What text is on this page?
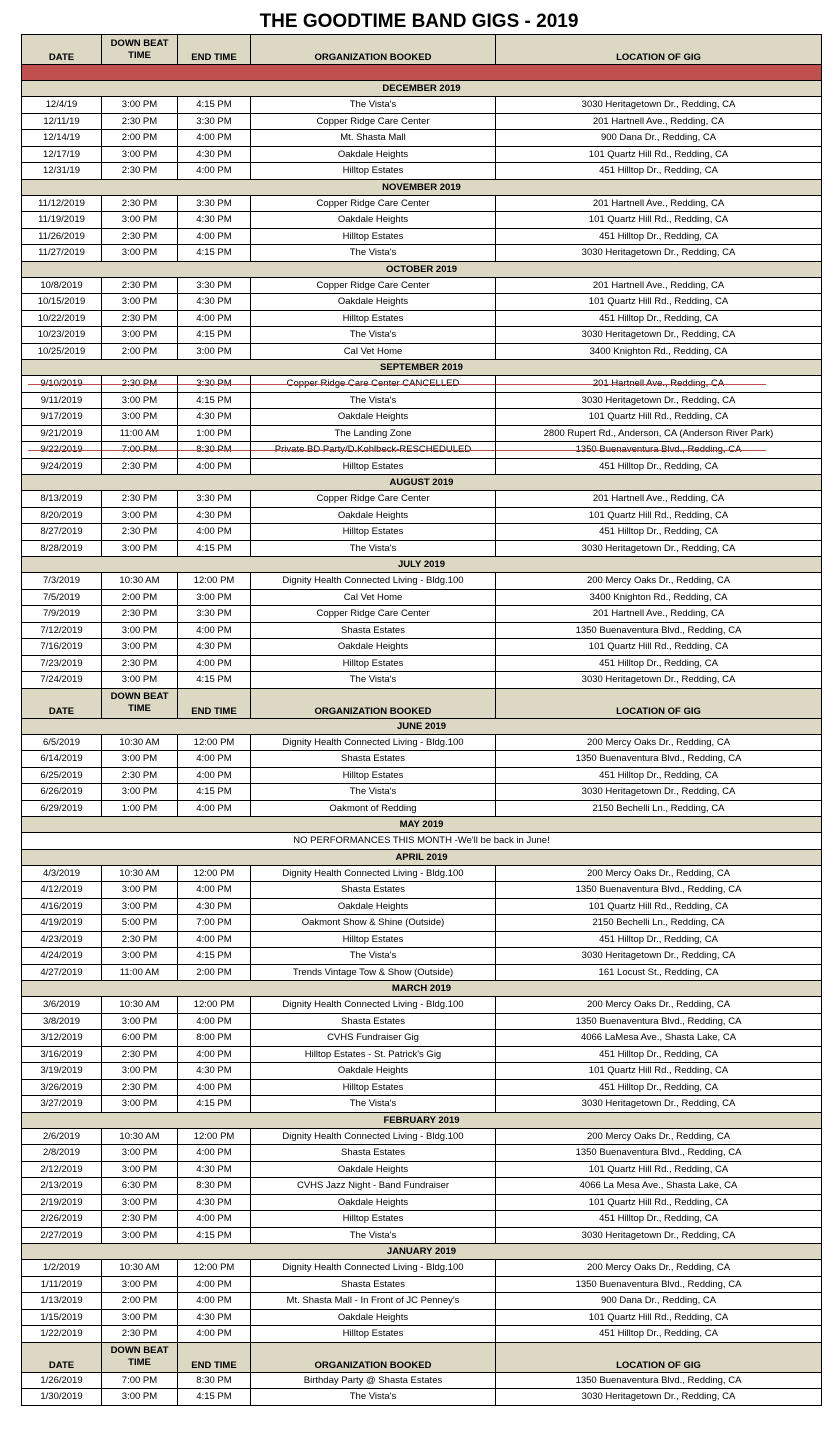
THE GOODTIME BAND GIGS - 2019
DATE	DOWN BEAT TIME	END TIME	ORGANIZATION BOOKED	LOCATION OF GIG

DECEMBER 2019				
12/4/19	3:00 PM	4:15 PM	The Vista's	3030 Heritagetown Dr., Redding, CA
12/11/19	2:30 PM	3:30 PM	Copper Ridge Care Center	201 Hartnell Ave., Redding, CA
12/14/19	2:00 PM	4:00 PM	Mt. Shasta Mall	900 Dana Dr., Redding, CA
12/17/19	3:00 PM	4:30 PM	Oakdale Heights	101 Quartz Hill Rd., Redding, CA
12/31/19	2:30 PM	4:00 PM	Hilltop Estates	451 Hilltop Dr., Redding, CA
NOVEMBER 2019				
11/12/2019	2:30 PM	3:30 PM	Copper Ridge Care Center	201 Hartnell Ave., Redding, CA
11/19/2019	3:00 PM	4:30 PM	Oakdale Heights	101 Quartz Hill Rd., Redding, CA
11/26/2019	2:30 PM	4:00 PM	Hilltop Estates	451 Hilltop Dr., Redding, CA
11/27/2019	3:00 PM	4:15 PM	The Vista's	3030 Heritagetown Dr., Redding, CA
OCTOBER 2019				
10/8/2019	2:30 PM	3:30 PM	Copper Ridge Care Center	201 Hartnell Ave., Redding, CA
10/15/2019	3:00 PM	4:30 PM	Oakdale Heights	101 Quartz Hill Rd., Redding, CA
10/22/2019	2:30 PM	4:00 PM	Hilltop Estates	451 Hilltop Dr., Redding, CA
10/23/2019	3:00 PM	4:15 PM	The Vista's	3030 Heritagetown Dr., Redding, CA
10/25/2019	2:00 PM	3:00 PM	Cal Vet Home	3400 Knighton Rd., Redding, CA
SEPTEMBER 2019				
9/10/2019	2:30 PM	3:30 PM	Copper Ridge Care Center CANCELLED	201 Hartnell Ave., Redding, CA
9/11/2019	3:00 PM	4:15 PM	The Vista's	3030 Heritagetown Dr., Redding, CA
9/17/2019	3:00 PM	4:30 PM	Oakdale Heights	101 Quartz Hill Rd., Redding, CA
9/21/2019	11:00 AM	1:00 PM	The Landing Zone	2800 Rupert Rd., Anderson, CA (Anderson River Park)
9/22/2019	7:00 PM	8:30 PM	Private BD Party/D.Kohlbeck-RESCHEDULED	1350 Buenaventura Blvd., Redding, CA
9/24/2019	2:30 PM	4:00 PM	Hilltop Estates	451 Hilltop Dr., Redding, CA
AUGUST 2019				
8/13/2019	2:30 PM	3:30 PM	Copper Ridge Care Center	201 Hartnell Ave., Redding, CA
8/20/2019	3:00 PM	4:30 PM	Oakdale Heights	101 Quartz Hill Rd., Redding, CA
8/27/2019	2:30 PM	4:00 PM	Hilltop Estates	451 Hilltop Dr., Redding, CA
8/28/2019	3:00 PM	4:15 PM	The Vista's	3030 Heritagetown Dr., Redding, CA
JULY 2019				
7/3/2019	10:30 AM	12:00 PM	Dignity Health Connected Living - Bldg.100	200 Mercy Oaks Dr., Redding, CA
7/5/2019	2:00 PM	3:00 PM	Cal Vet Home	3400 Knighton Rd., Redding, CA
7/9/2019	2:30 PM	3:30 PM	Copper Ridge Care Center	201 Hartnell Ave., Redding, CA
7/12/2019	3:00 PM	4:00 PM	Shasta Estates	1350 Buenaventura Blvd., Redding, CA
7/16/2019	3:00 PM	4:30 PM	Oakdale Heights	101 Quartz Hill Rd., Redding, CA
7/23/2019	2:30 PM	4:00 PM	Hilltop Estates	451 Hilltop Dr., Redding, CA
7/24/2019	3:00 PM	4:15 PM	The Vista's	3030 Heritagetown Dr., Redding, CA
DATE	DOWN BEAT TIME	END TIME	ORGANIZATION BOOKED	LOCATION OF GIG
JUNE 2019				
6/5/2019	10:30 AM	12:00 PM	Dignity Health Connected Living - Bldg.100	200 Mercy Oaks Dr., Redding, CA
6/14/2019	3:00 PM	4:00 PM	Shasta Estates	1350 Buenaventura Blvd., Redding, CA
6/25/2019	2:30 PM	4:00 PM	Hilltop Estates	451 Hilltop Dr., Redding, CA
6/26/2019	3:00 PM	4:15 PM	The Vista's	3030 Heritagetown Dr., Redding, CA
6/29/2019	1:00 PM	4:00 PM	Oakmont of Redding	2150 Bechelli Ln., Redding, CA
MAY 2019				
NO PERFORMANCES THIS MONTH -We'll be back in June!				
APRIL 2019				
4/3/2019	10:30 AM	12:00 PM	Dignity Health Connected Living - Bldg.100	200 Mercy Oaks Dr., Redding, CA
4/12/2019	3:00 PM	4:00 PM	Shasta Estates	1350 Buenaventura Blvd., Redding, CA
4/16/2019	3:00 PM	4:30 PM	Oakdale Heights	101 Quartz Hill Rd., Redding, CA
4/19/2019	5:00 PM	7:00 PM	Oakmont Show & Shine (Outside)	2150 Bechelli Ln., Redding, CA
4/23/2019	2:30 PM	4:00 PM	Hilltop Estates	451 Hilltop Dr., Redding, CA
4/24/2019	3:00 PM	4:15 PM	The Vista's	3030 Heritagetown Dr., Redding, CA
4/27/2019	11:00 AM	2:00 PM	Trends Vintage Tow & Show (Outside)	161 Locust St., Redding, CA
MARCH 2019				
3/6/2019	10:30 AM	12:00 PM	Dignity Health Connected Living - Bldg.100	200 Mercy Oaks Dr., Redding, CA
3/8/2019	3:00 PM	4:00 PM	Shasta Estates	1350 Buenaventura Blvd., Redding, CA
3/12/2019	6:00 PM	8:00 PM	CVHS Fundraiser Gig	4066 LaMesa Ave., Shasta Lake, CA
3/16/2019	2:30 PM	4:00 PM	Hilltop Estates - St. Patrick's Gig	451 Hilltop Dr., Redding, CA
3/19/2019	3:00 PM	4:30 PM	Oakdale Heights	101 Quartz Hill Rd., Redding, CA
3/26/2019	2:30 PM	4:00 PM	Hilltop Estates	451 Hilltop Dr., Redding, CA
3/27/2019	3:00 PM	4:15 PM	The Vista's	3030 Heritagetown Dr., Redding, CA
FEBRUARY 2019				
2/6/2019	10:30 AM	12:00 PM	Dignity Health Connected Living - Bldg.100	200 Mercy Oaks Dr., Redding, CA
2/8/2019	3:00 PM	4:00 PM	Shasta Estates	1350 Buenaventura Blvd., Redding, CA
2/12/2019	3:00 PM	4:30 PM	Oakdale Heights	101 Quartz Hill Rd., Redding, CA
2/13/2019	6:30 PM	8:30 PM	CVHS Jazz Night - Band Fundraiser	4066 La Mesa Ave., Shasta Lake, CA
2/19/2019	3:00 PM	4:30 PM	Oakdale Heights	101 Quartz Hill Rd., Redding, CA
2/26/2019	2:30 PM	4:00 PM	Hilltop Estates	451 Hilltop Dr., Redding, CA
2/27/2019	3:00 PM	4:15 PM	The Vista's	3030 Heritagetown Dr., Redding, CA
JANUARY 2019				
1/2/2019	10:30 AM	12:00 PM	Dignity Health Connected Living - Bldg.100	200 Mercy Oaks Dr., Redding, CA
1/11/2019	3:00 PM	4:00 PM	Shasta Estates	1350 Buenaventura Blvd., Redding, CA
1/13/2019	2:00 PM	4:00 PM	Mt. Shasta Mall - In Front of JC Penney's	900 Dana Dr., Redding, CA
1/15/2019	3:00 PM	4:30 PM	Oakdale Heights	101 Quartz Hill Rd., Redding, CA
1/22/2019	2:30 PM	4:00 PM	Hilltop Estates	451 Hilltop Dr., Redding, CA
DATE	DOWN BEAT TIME	END TIME	ORGANIZATION BOOKED	LOCATION OF GIG
1/26/2019	7:00 PM	8:30 PM	Birthday Party @ Shasta Estates	1350 Buenaventura Blvd., Redding, CA
1/30/2019	3:00 PM	4:15 PM	The Vista's	3030 Heritagetown Dr., Redding, CA
